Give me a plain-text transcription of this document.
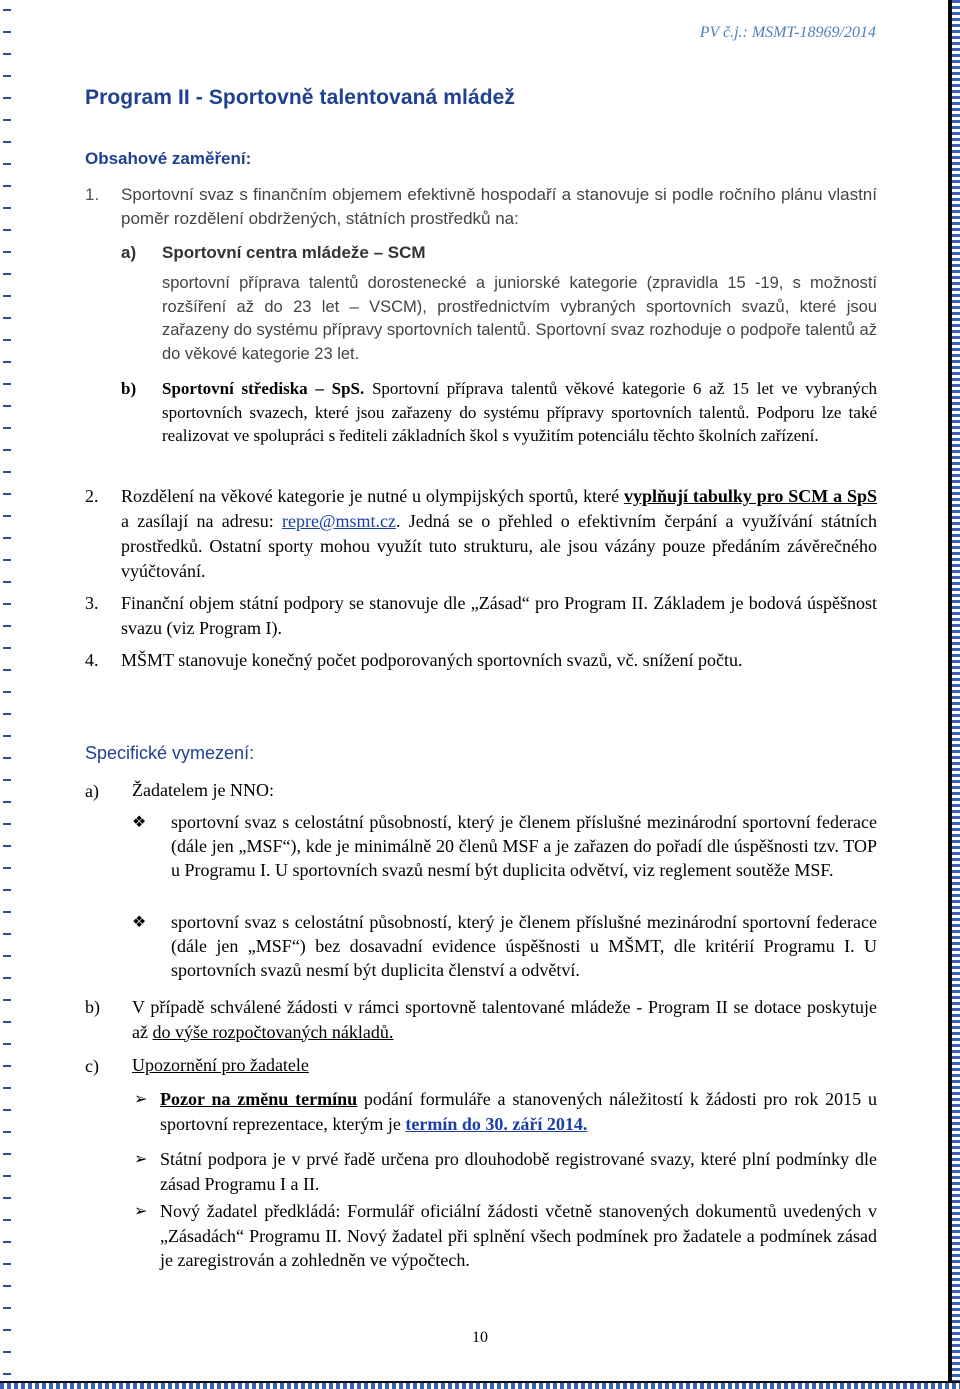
PV č.j.: MSMT-18969/2014
Program II - Sportovně talentovaná mládež
Obsahové zaměření:
1. Sportovní svaz s finančním objemem efektivně hospodaří a stanovuje si podle ročního plánu vlastní poměr rozdělení obdržených, státních prostředků na:
a) Sportovní centra mládeže – SCM
sportovní příprava talentů dorostenecké a juniorské kategorie (zpravidla 15 -19, s možností rozšíření až do 23 let – VSCM), prostřednictvím vybraných sportovních svazů, které jsou zařazeny do systému přípravy sportovních talentů. Sportovní svaz rozhoduje o podpoře talentů až do věkové kategorie 23 let.
b) Sportovní střediska – SpS. Sportovní příprava talentů věkové kategorie 6 až 15 let ve vybraných sportovních svazech, které jsou zařazeny do systému přípravy sportovních talentů. Podporu lze také realizovat ve spolupráci s řediteli základních škol s využitím potenciálu těchto školních zařízení.
2. Rozdělení na věkové kategorie je nutné u olympijských sportů, které vyplňují tabulky pro SCM a SpS a zasílají na adresu: repre@msmt.cz. Jedná se o přehled o efektivním čerpání a využívání státních prostředků. Ostatní sporty mohou využít tuto strukturu, ale jsou vázány pouze předáním závěrečného vyúčtování.
3. Finanční objem státní podpory se stanovuje dle „Zásad“ pro Program II. Základem je bodová úspěšnost svazu (viz Program I).
4. MŠMT stanovuje konečný počet podporovaných sportovních svazů, vč. snížení počtu.
Specifické vymezení:
a) Žadatelem je NNO:
❖ sportovní svaz s celostátní působností, který je členem příslušné mezinárodní sportovní federace (dále jen „MSF“), kde je minimálně 20 členů MSF a je zařazen do pořadí dle úspěšnosti tzv. TOP u Programu I. U sportovních svazů nesmí být duplicita odvětví, viz reglement soutěže MSF.
❖ sportovní svaz s celostátní působností, který je členem příslušné mezinárodní sportovní federace (dále jen „MSF“) bez dosavadní evidence úspěšnosti u MŠMT, dle kritérií Programu I. U sportovních svazů nesmí být duplicita členství a odvětví.
b) V případě schválené žádosti v rámci sportovně talentované mládeže - Program II se dotace poskytuje až do výše rozpočtovaných nákladů.
c) Upozornění pro žadatele
➢ Pozor na změnu termínu podání formuláře a stanovených náležitostí k žádosti pro rok 2015 u sportovní reprezentace, kterým je termín do 30. září 2014.
➢ Státní podpora je v prvé řadě určena pro dlouhodobě registrované svazy, které plní podmínky dle zásad Programu I a II.
➢ Nový žadatel předkládá: Formulář oficiální žádosti včetně stanovených dokumentů uvedených v „Zásadách“ Programu II. Nový žadatel při splnění všech podmínek pro žadatele a podmínek zásad je zaregistrován a zohledněn ve výpočtech.
10
